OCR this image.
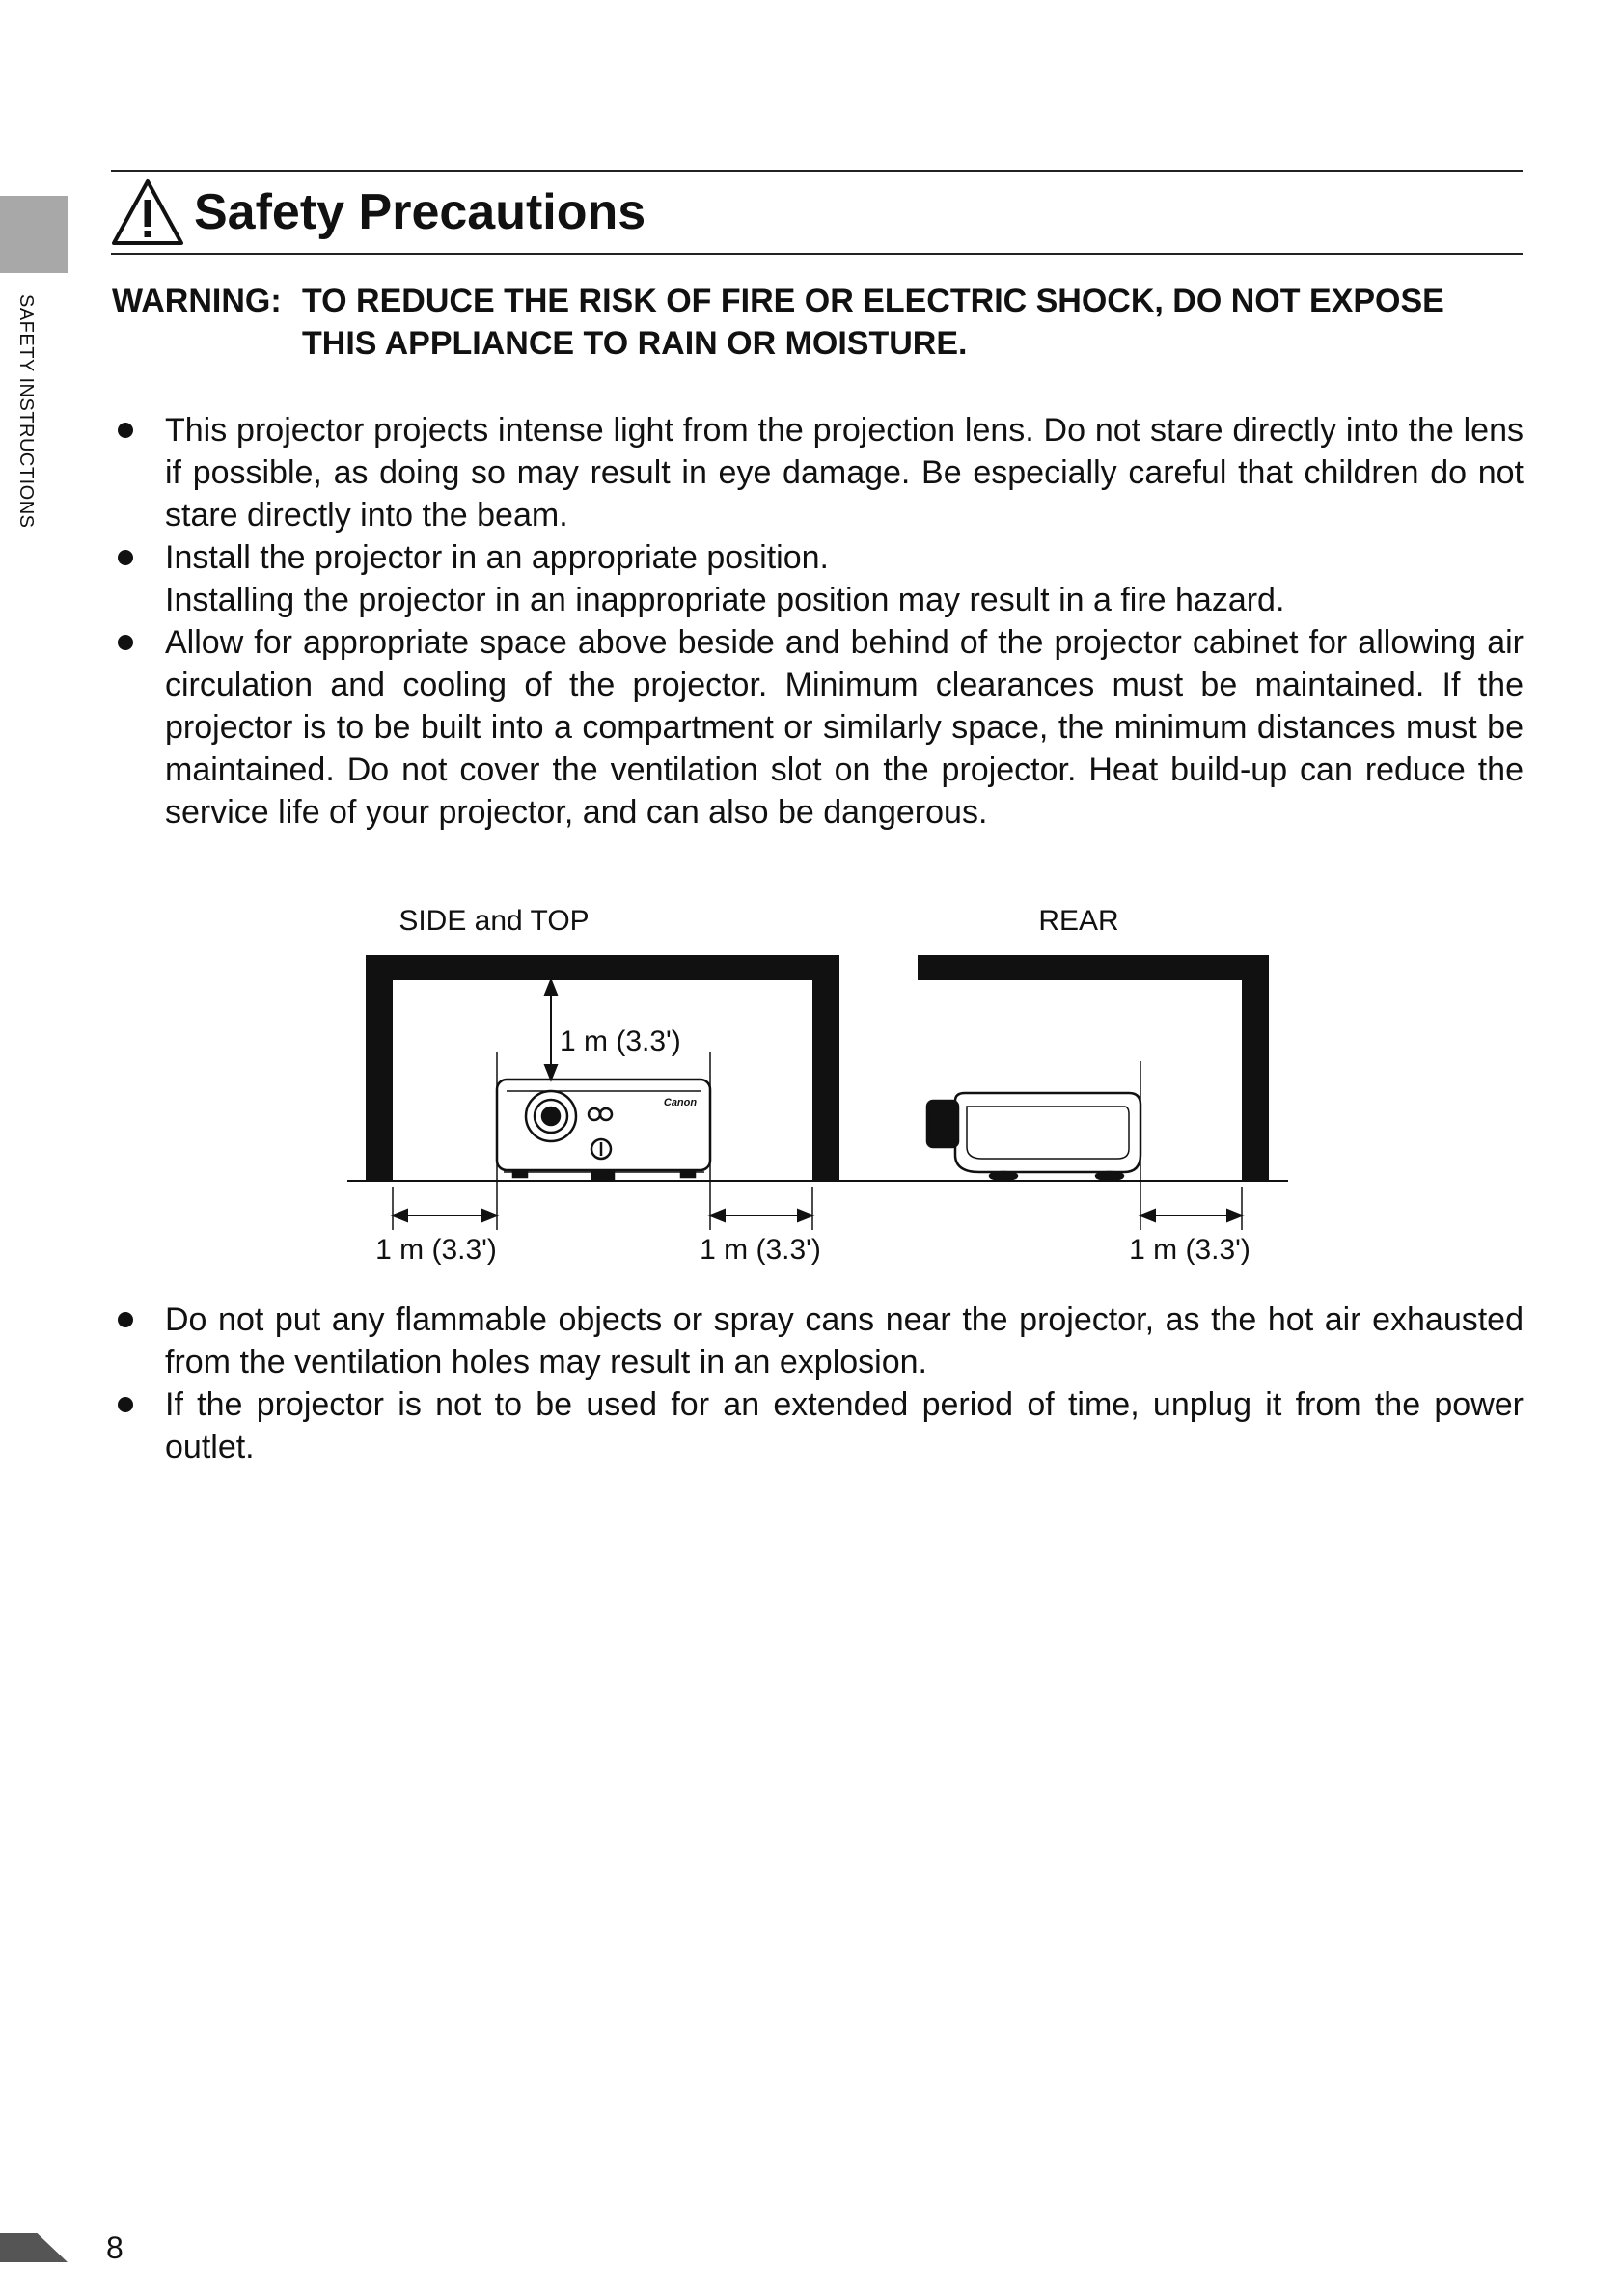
SAFETY INSTRUCTIONS
Safety Precautions
WARNING: TO REDUCE THE RISK OF FIRE OR ELECTRIC SHOCK, DO NOT EXPOSE
THIS APPLIANCE TO RAIN OR MOISTURE.

This projector projects intense light from the projection lens. Do not stare directly into the lens if possible, as doing so may result in eye damage. Be especially careful that children do not stare directly into the beam.

Install the projector in an appropriate position.

Installing the projector in an inappropriate position may result in a fire hazard.

Allow for appropriate space above beside and behind of the projector cabinet for allowing air circulation and cooling of the projector. Minimum clearances must be maintained. If the projector is to be built into a compartment or similarly space, the minimum distances must be maintained. Do not cover the ventilation slot on the projector. Heat build-up can reduce the service life of your projector, and can also be dangerous.

SIDE and TOP	REAR
Canon
1 m (3.3')
1 m (3.3')	1 m (3.3')	1 m (3.3')

Do not put any flammable objects or spray cans near the projector, as the hot air exhausted from the ventilation holes may result in an explosion.

If the projector is not to be used for an extended period of time, unplug it from the power outlet.

8
